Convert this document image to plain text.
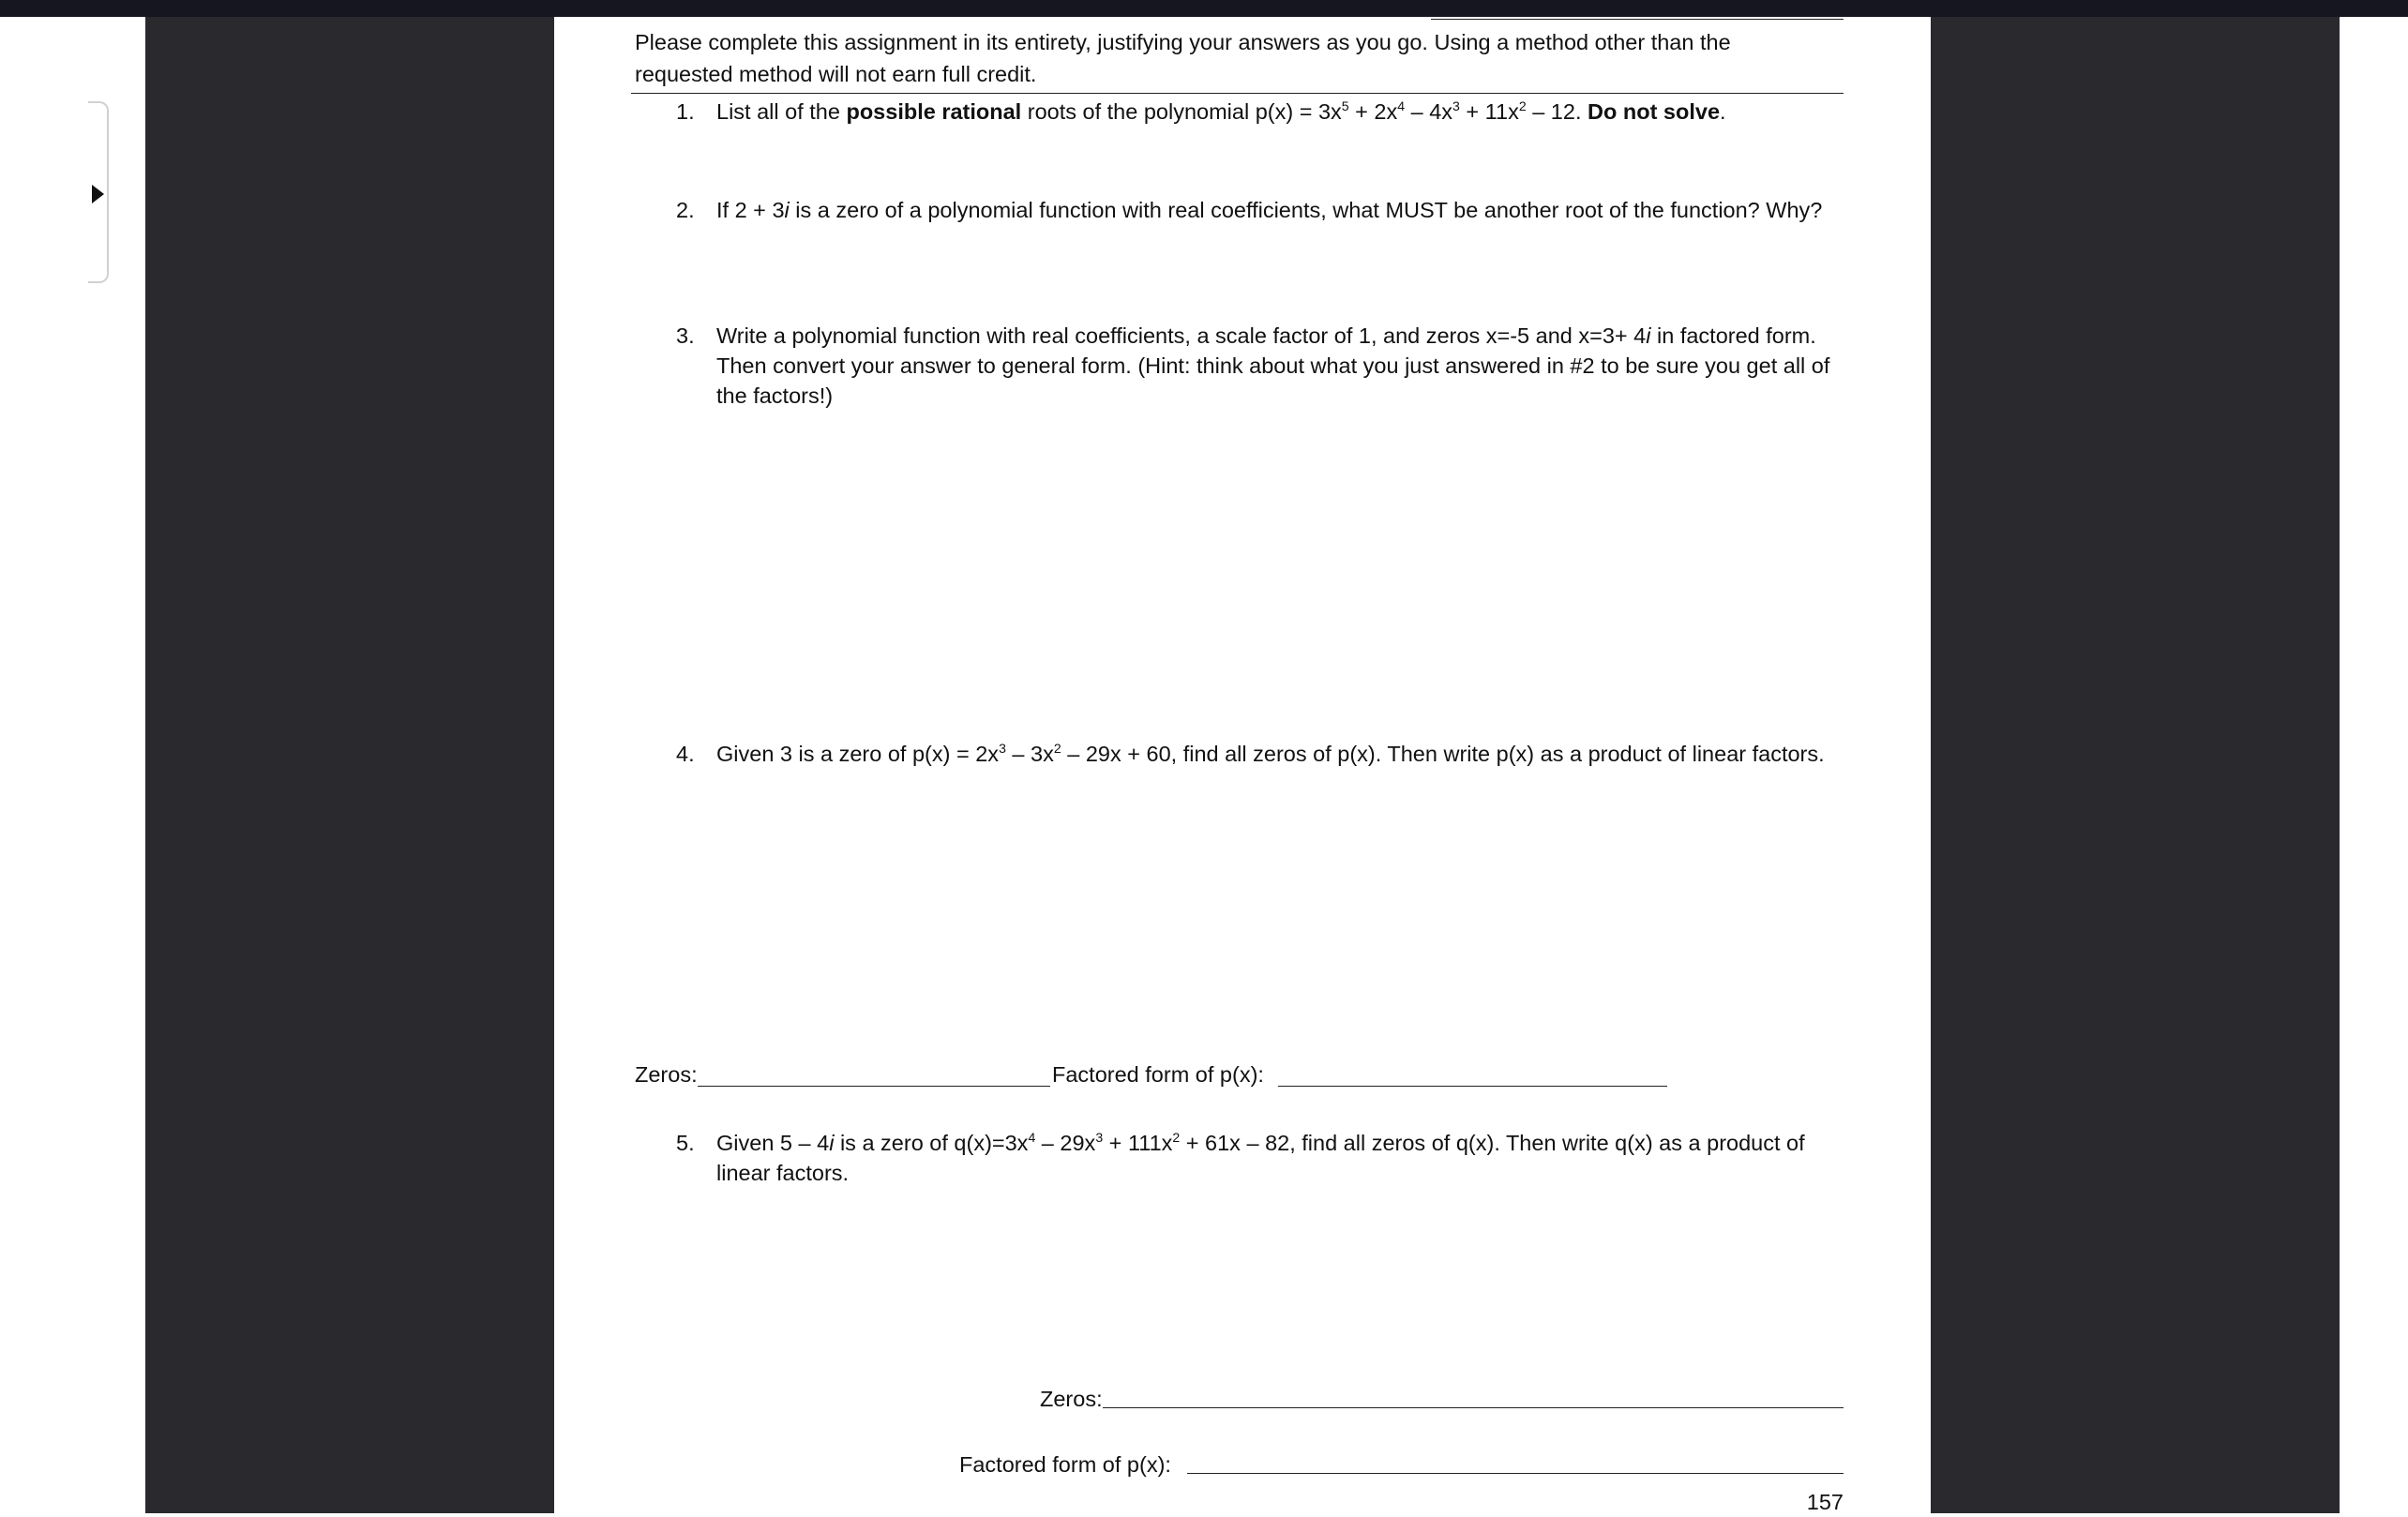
Please complete this assignment in its entirety, justifying your answers as you go. Using a method other than the requested method will not earn full credit.
1. List all of the possible rational roots of the polynomial $p(x) = 3x^5 + 2x^4 - 4x^3 + 11x^2 - 12$. Do not solve.
2. If 2 + 3i is a zero of a polynomial function with real coefficients, what MUST be another root of the function? Why?
3. Write a polynomial function with real coefficients, a scale factor of 1, and zeros x=-5 and x=3+ 4i in factored form. Then convert your answer to general form. (Hint: think about what you just answered in #2 to be sure you get all of the factors!)
4. Given 3 is a zero of $p(x) = 2x^3 - 3x^2 - 29x + 60$, find all zeros of p(x). Then write p(x) as a product of linear factors.
Zeros:	Factored form of p(x):
5. Given 5 – 4i is a zero of $q(x)=3x^4 - 29x^3 + 111x^2 + 61x - 82$, find all zeros of q(x). Then write q(x) as a product of linear factors.
Zeros:
Factored form of p(x):
157
